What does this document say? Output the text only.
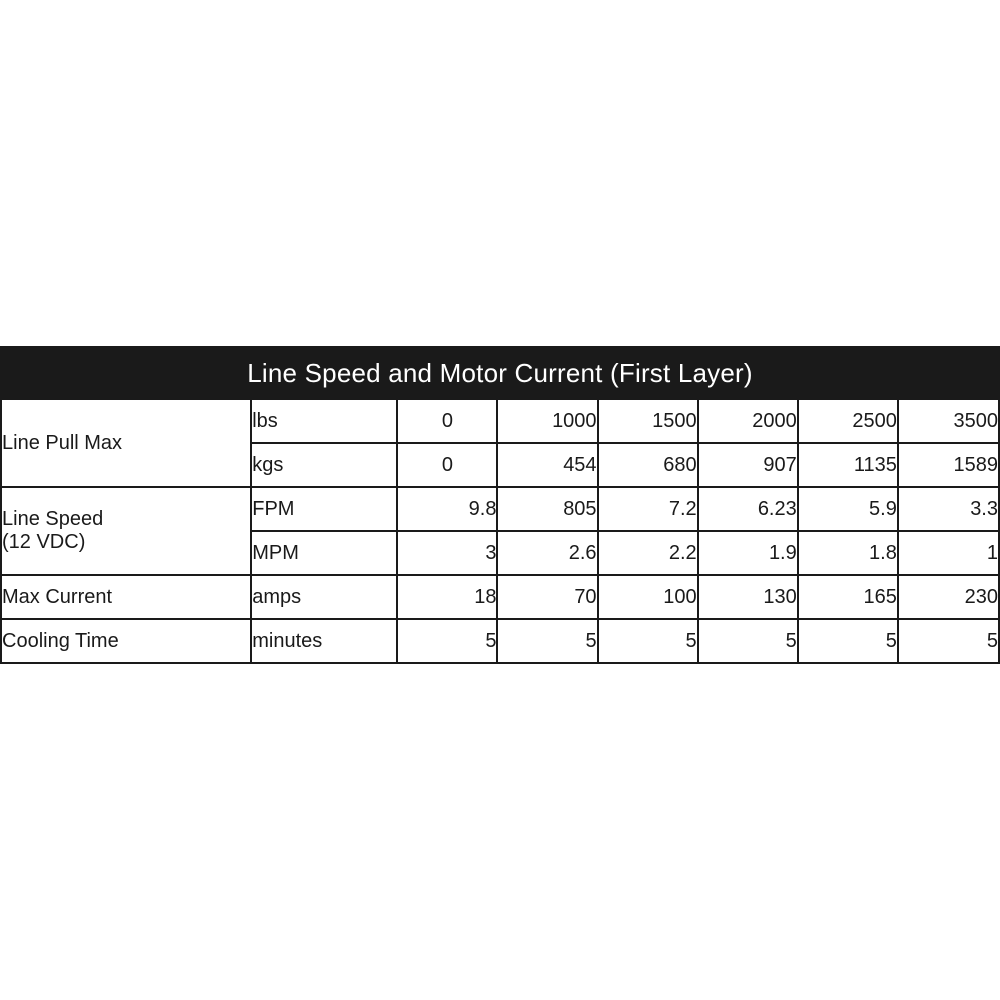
Line Speed and Motor Current (First Layer)							
Line Pull Max	lbs	0	1000	1500	2000	2500	3500
	kgs	0	454	680	907	1135	1589

Line Speed
(12 VDC)	FPM	9.8	805	7.2	6.23	5.9	3.3
	MPM	3	2.6	2.2	1.9	1.8	1
Max Current	amps	18	70	100	130	165	230
Cooling Time	minutes	5	5	5	5	5	5
